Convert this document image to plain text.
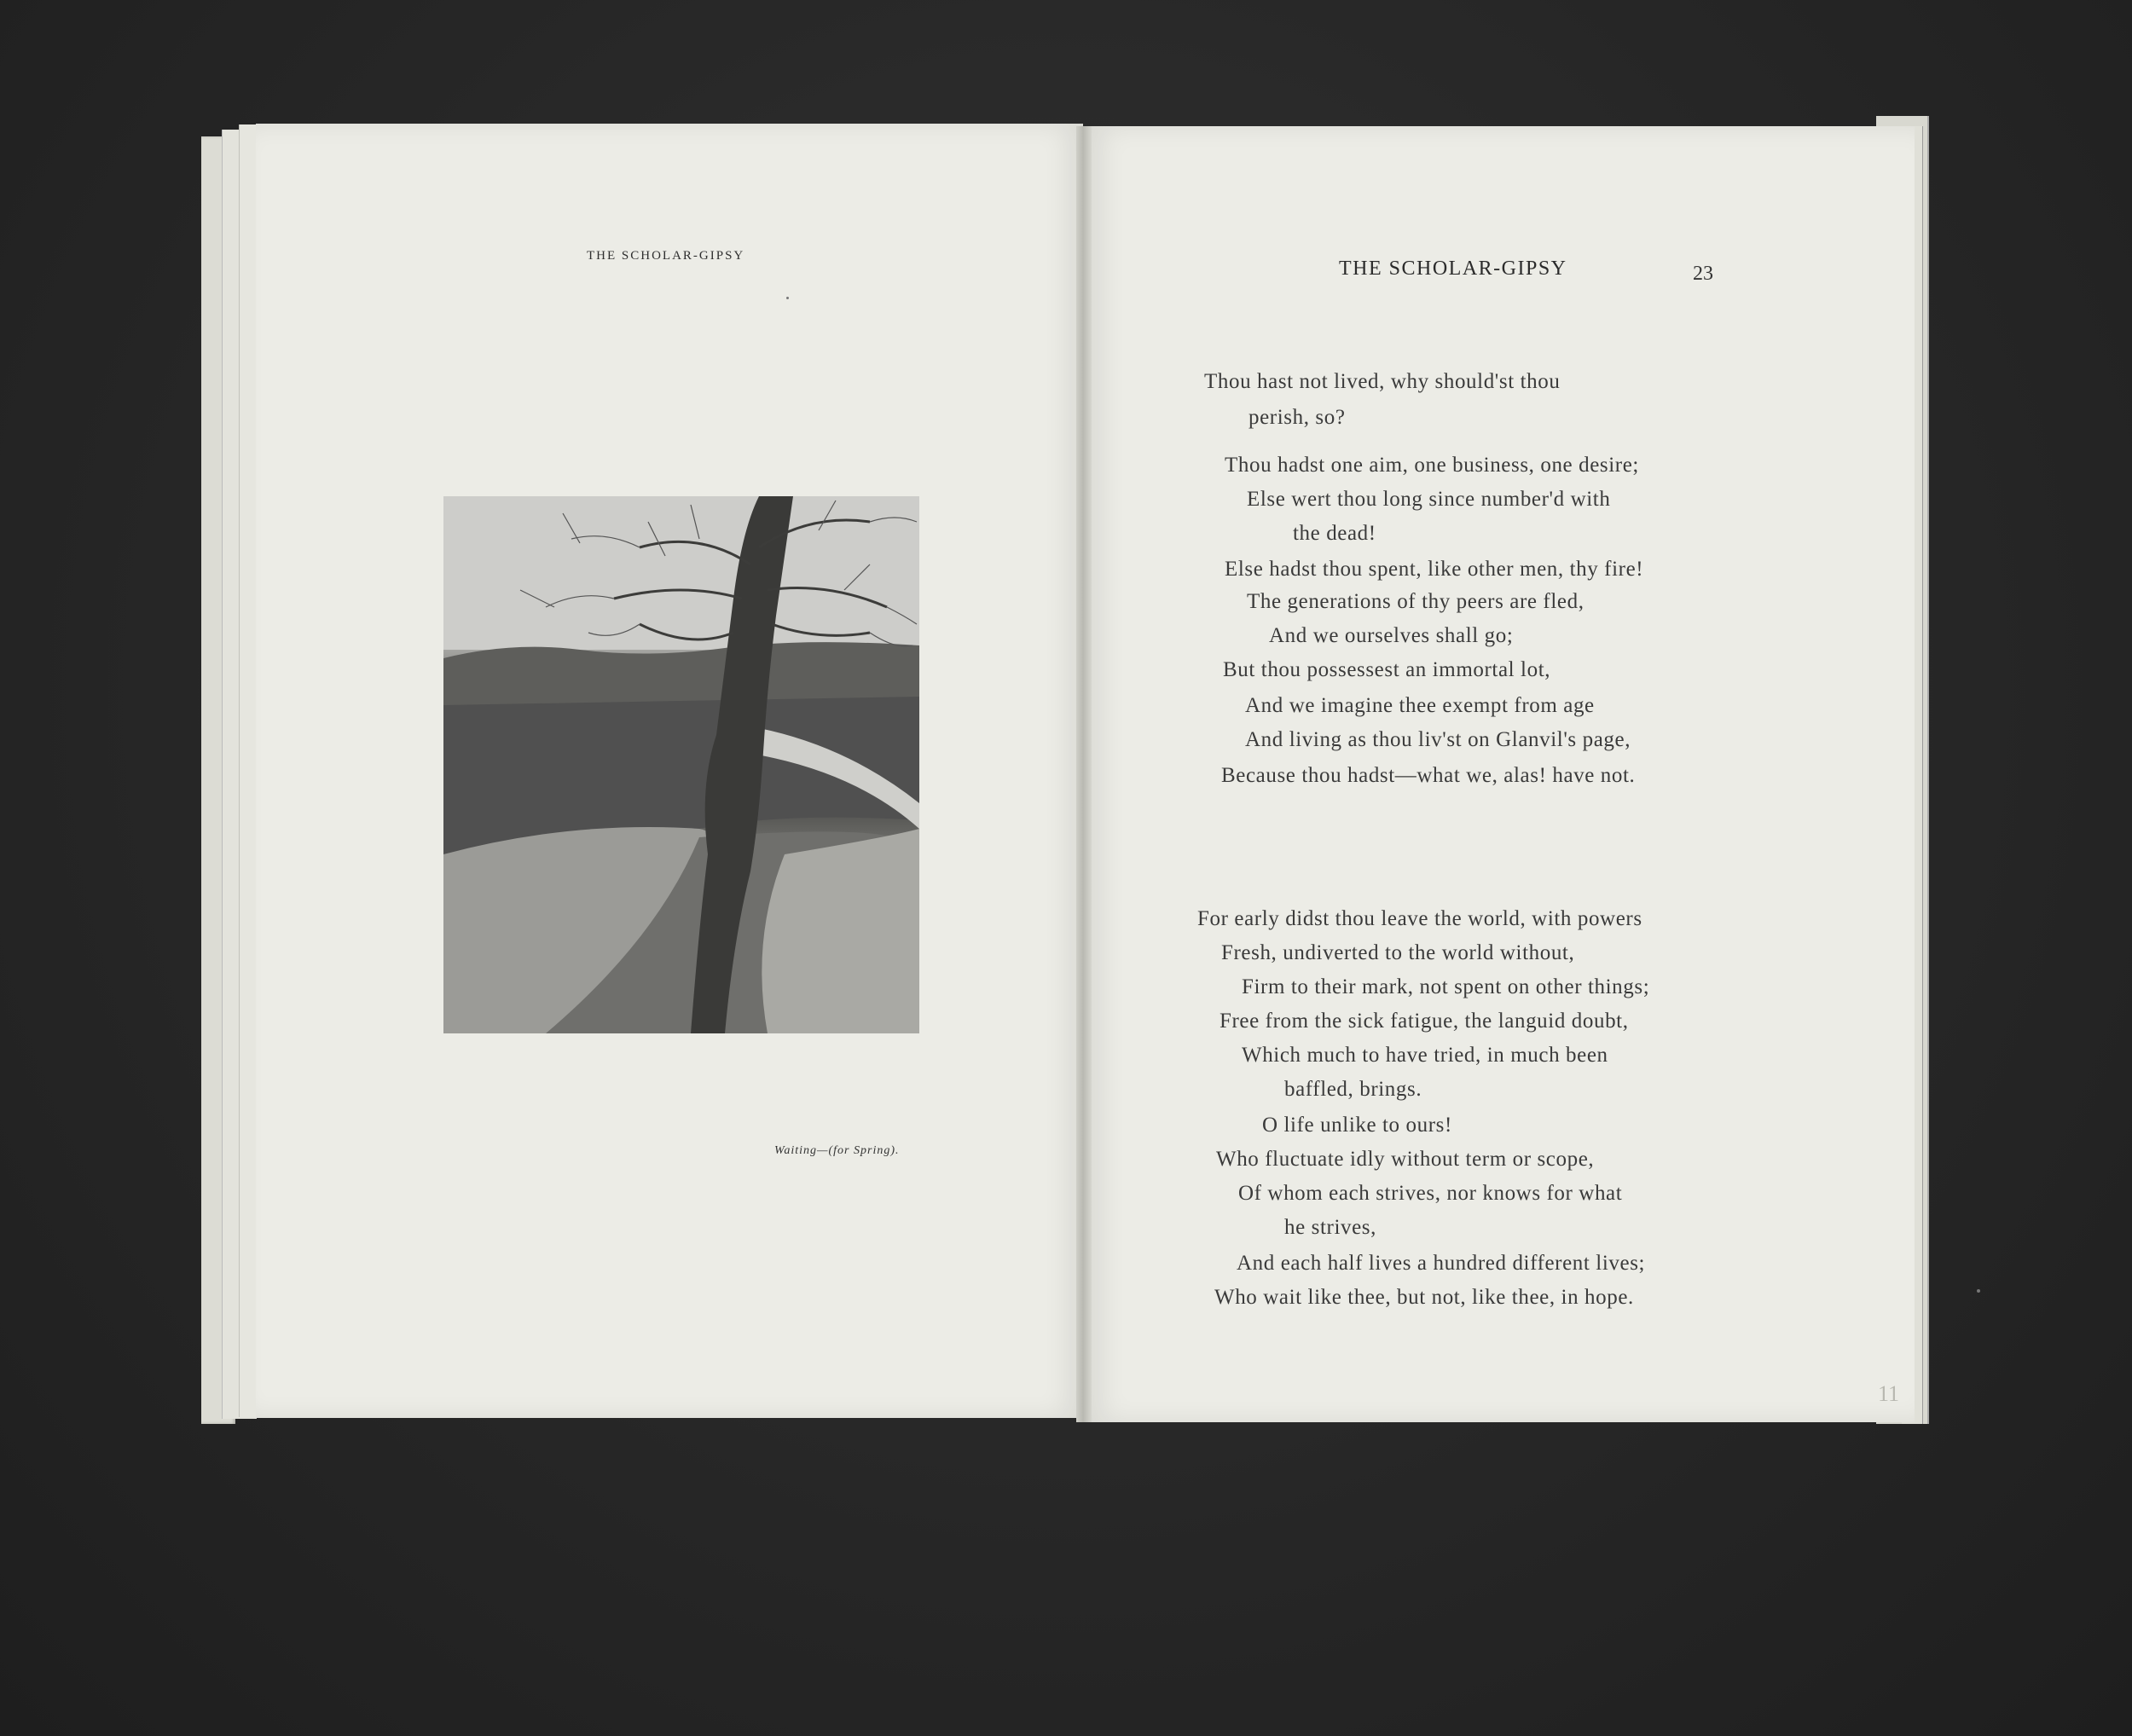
THE SCHOLAR-GIPSY
Waiting—(for Spring).
THE SCHOLAR-GIPSY	23
Thou hast not lived, why should'st thou
perish, so?
Thou hadst one aim, one business, one desire;
Else wert thou long since number'd with
the dead!
Else hadst thou spent, like other men, thy fire!
The generations of thy peers are fled,
And we ourselves shall go;
But thou possessest an immortal lot,
And we imagine thee exempt from age
And living as thou liv'st on Glanvil's page,
Because thou hadst—what we, alas! have not.
For early didst thou leave the world, with powers
Fresh, undiverted to the world without,
Firm to their mark, not spent on other things;
Free from the sick fatigue, the languid doubt,
Which much to have tried, in much been
baffled, brings.
O life unlike to ours!
Who fluctuate idly without term or scope,
Of whom each strives, nor knows for what
he strives,
And each half lives a hundred different lives;
Who wait like thee, but not, like thee, in hope.
11
